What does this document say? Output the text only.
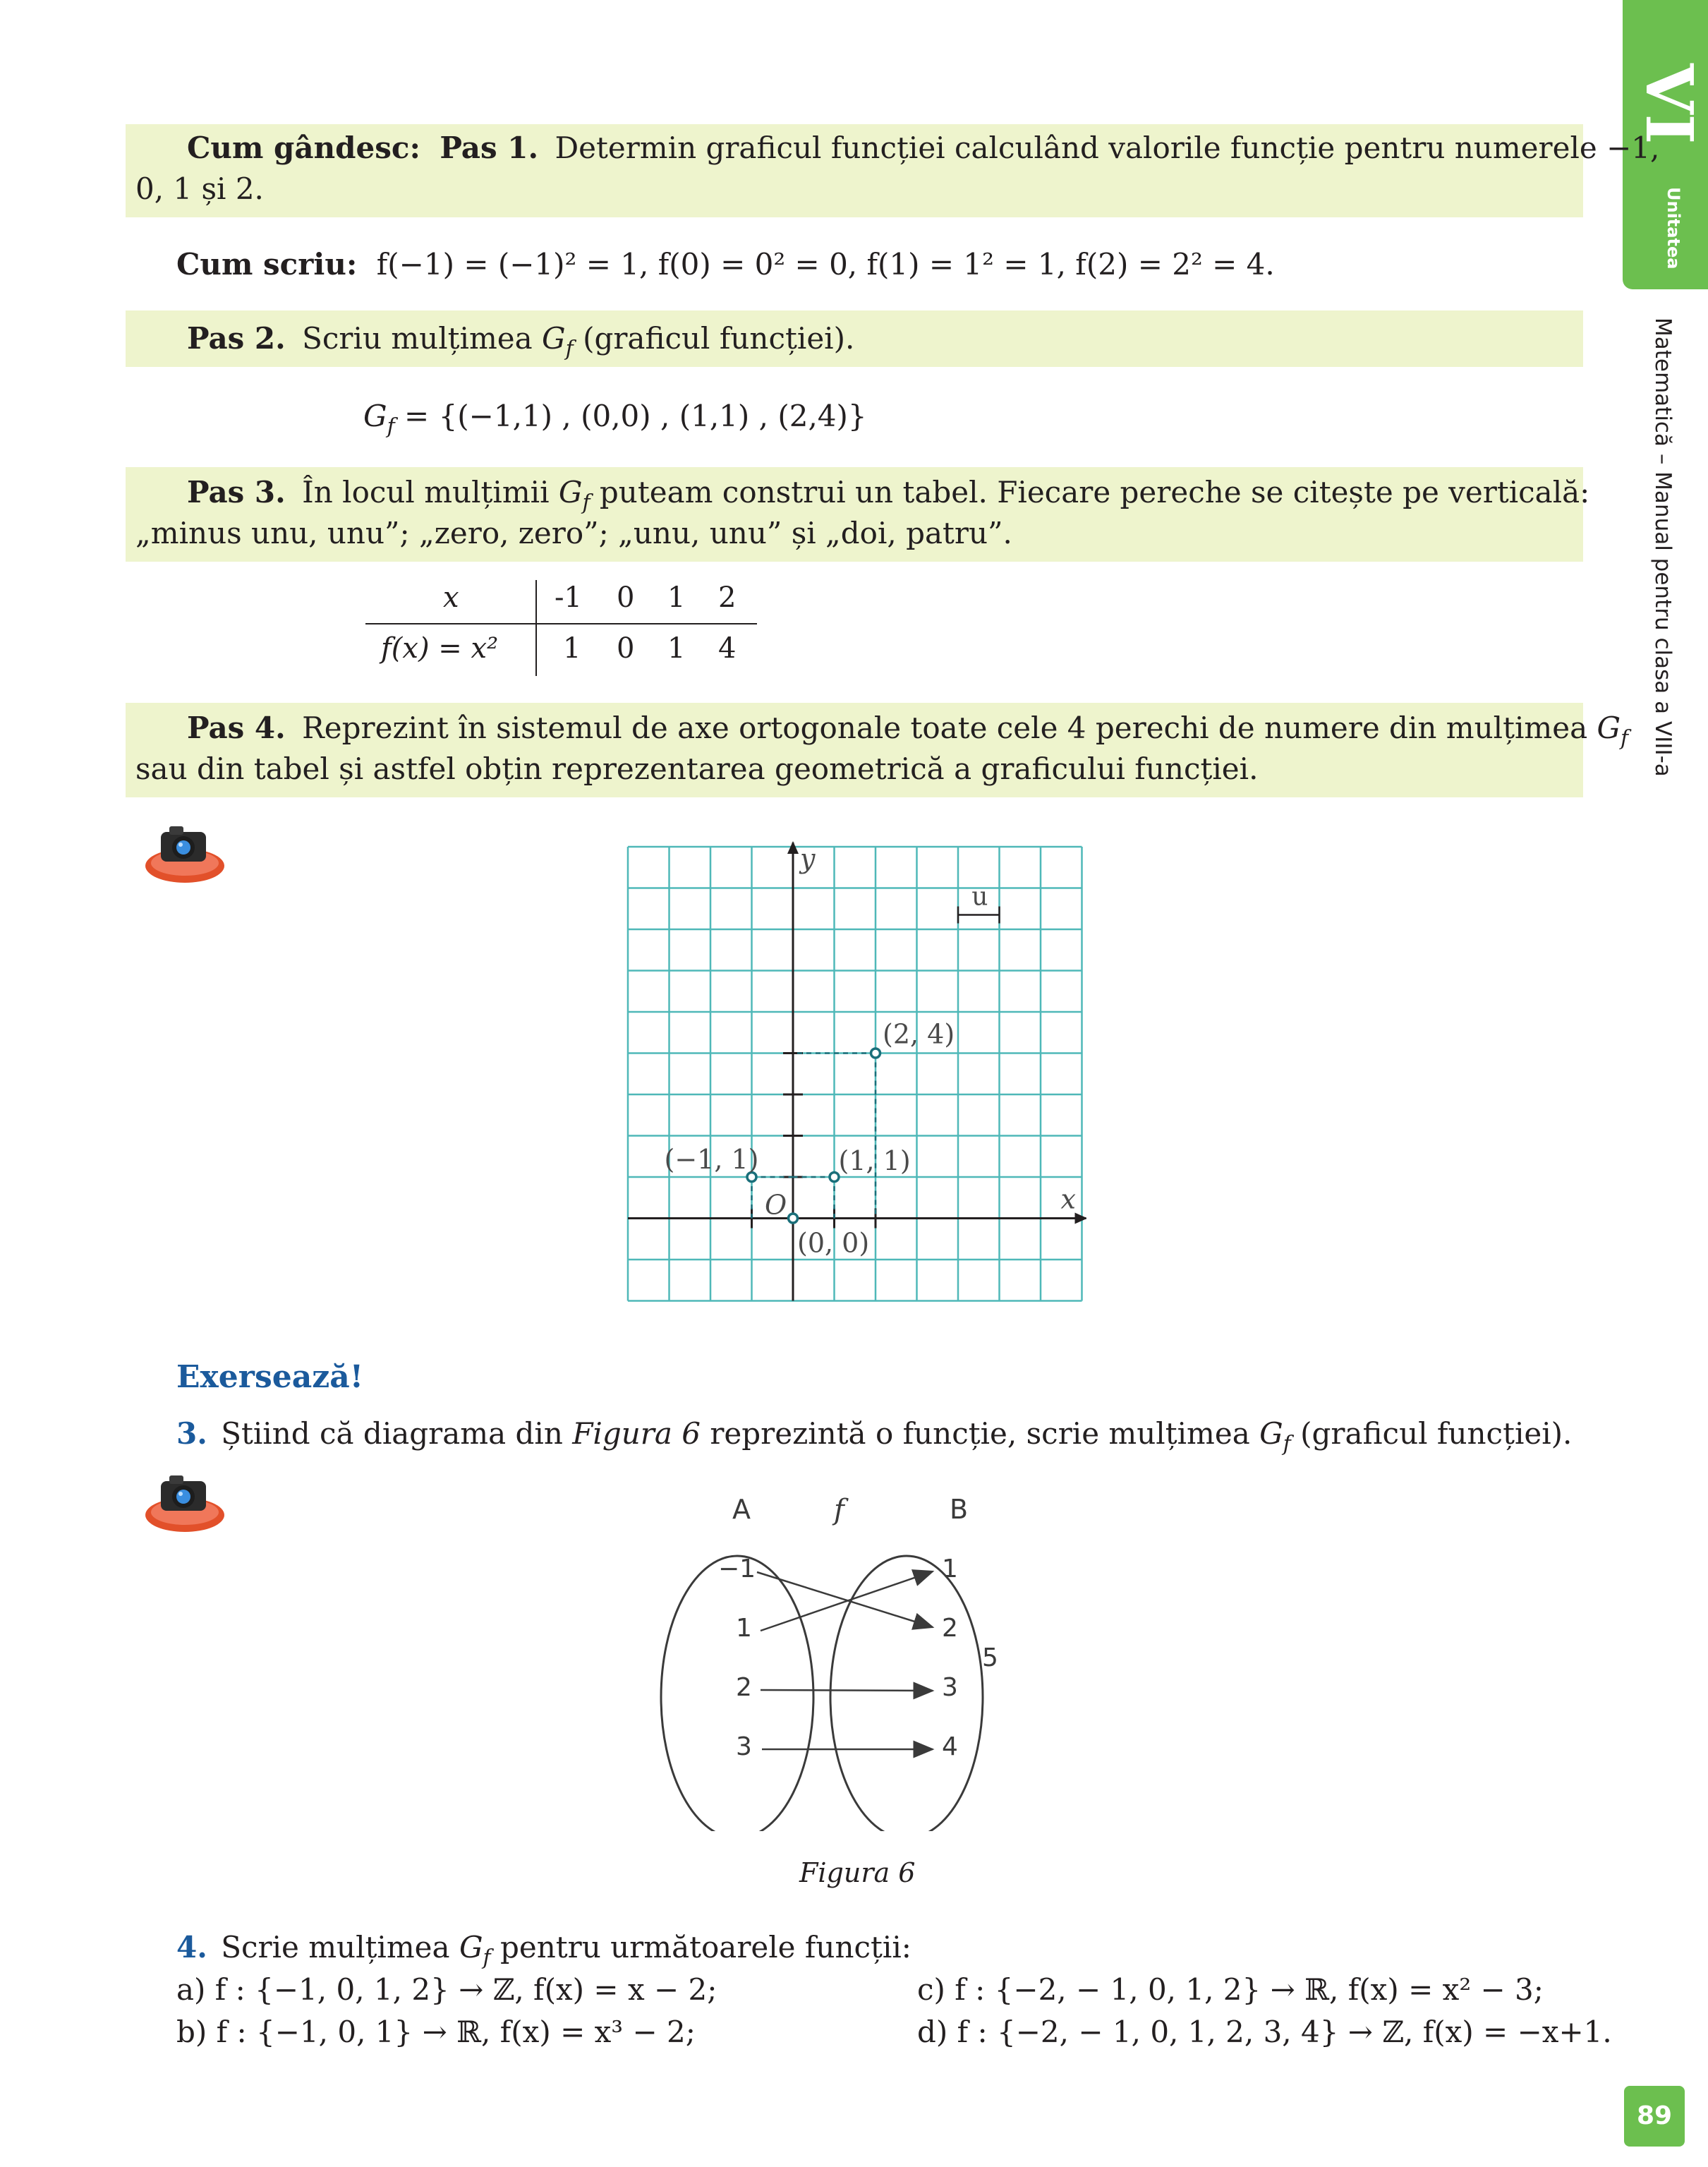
VI
Unitatea
Matematică – Manual pentru clasa a VIII-a
89
Cum gândesc: Pas 1. Determin graficul funcției calculând valorile funcție pentru numerele −1,
0, 1 și 2.
Cum scriu: f(−1) = (−1)² = 1, f(0) = 0² = 0, f(1) = 1² = 1, f(2) = 2² = 4.
Pas 2. Scriu mulțimea $G_f$ (graficul funcției).
$G_f = \{(-1,1)$ , (0,0) , (1,1) , (2,4)}
Pas 3. În locul mulțimii $G_f$ puteam construi un tabel. Fiecare pereche se citește pe verticală:
„minus unu, unu”; „zero, zero”; „unu, unu” și „doi, patru”.
x
f(x) = x²
-1 0 1 2
1 0 1 4
Pas 4. Reprezint în sistemul de axe ortogonale toate cele 4 perechi de numere din mulțimea $G_f$
sau din tabel și astfel obțin reprezentarea geometrică a graficului funcției.
u
x
y
O
(−1, 1)
(0, 0)
(1, 1)
(2, 4)
Exersează!
3. Știind că diagrama din Figura 6 reprezintă o funcție, scrie mulțimea $G_f$ (graficul funcției).
A	f	B
−1
1
2
3
1
2
3
4
5
Figura 6
4. Scrie mulțimea $G_f$ pentru următoarele funcții:
a) f : {−1, 0, 1, 2} → ℤ, f(x) = x − 2;
b) f : {−1, 0, 1} → ℝ, f(x) = x³ − 2;
c) f : {−2, − 1, 0, 1, 2} → ℝ, f(x) = x² − 3;
d) f : {−2, − 1, 0, 1, 2, 3, 4} → ℤ, f(x) = −x+1.
